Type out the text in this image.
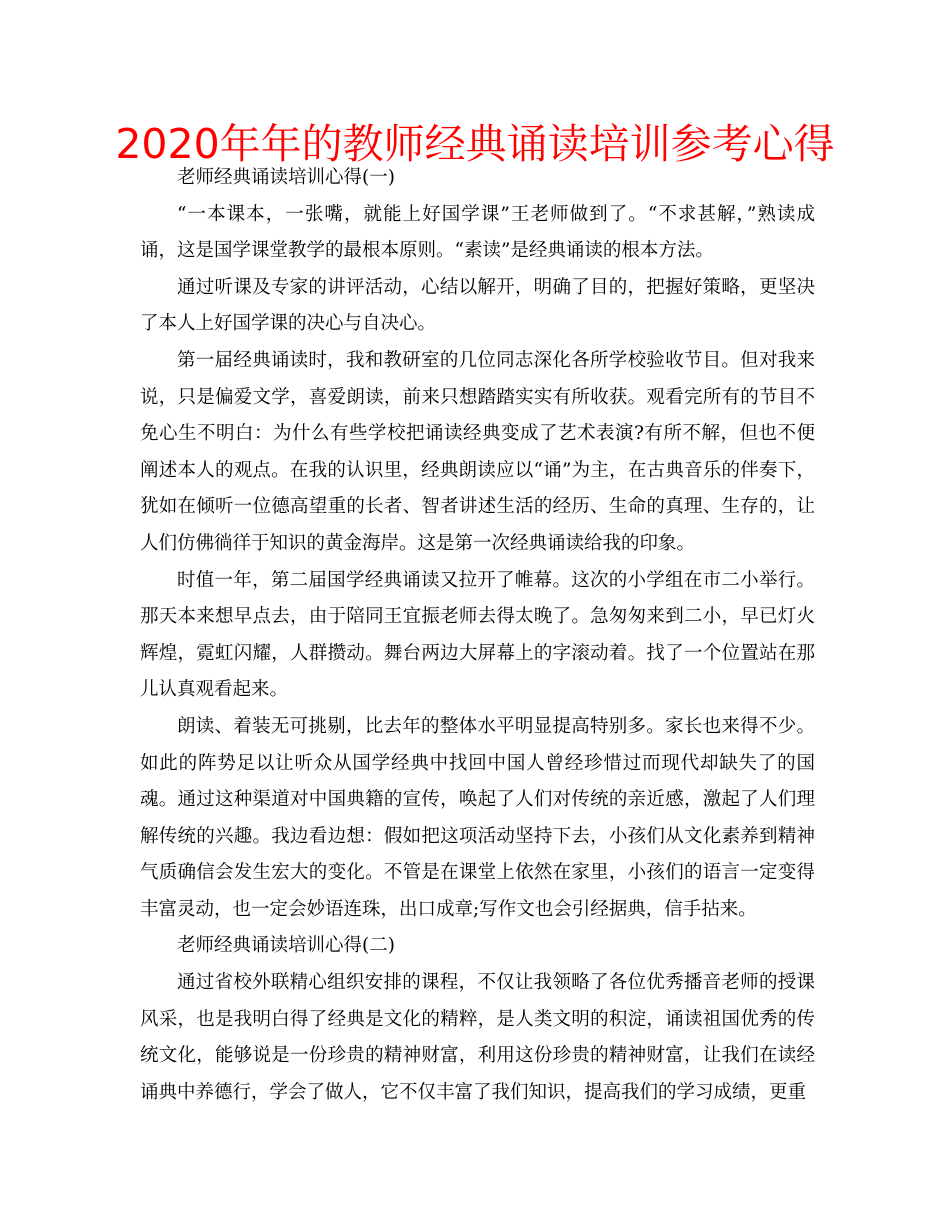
2020年年的教师经典诵读培训参考心得

老师经典诵读培训心得(一)

“一本课本，一张嘴，就能上好国学课”王老师做到了。“不求甚解，”熟读成诵，这是国学课堂教学的最根本原则。“素读”是经典诵读的根本方法。

通过听课及专家的讲评活动，心结以解开，明确了目的，把握好策略，更坚决了本人上好国学课的决心与自决心。

第一届经典诵读时，我和教研室的几位同志深化各所学校验收节目。但对我来说，只是偏爱文学，喜爱朗读，前来只想踏踏实实有所收获。观看完所有的节目不免心生不明白：为什么有些学校把诵读经典变成了艺术表演?有所不解，但也不便阐述本人的观点。在我的认识里，经典朗读应以“诵”为主，在古典音乐的伴奏下，犹如在倾听一位德高望重的长者、智者讲述生活的经历、生命的真理、生存的，让人们仿佛徜徉于知识的黄金海岸。这是第一次经典诵读给我的印象。

时值一年，第二届国学经典诵读又拉开了帷幕。这次的小学组在市二小举行。那天本来想早点去，由于陪同王宜振老师去得太晚了。急匆匆来到二小，早已灯火辉煌，霓虹闪耀，人群攒动。舞台两边大屏幕上的字滚动着。找了一个位置站在那儿认真观看起来。

朗读、着装无可挑剔，比去年的整体水平明显提高特别多。家长也来得不少。如此的阵势足以让听众从国学经典中找回中国人曾经珍惜过而现代却缺失了的国魂。通过这种渠道对中国典籍的宣传，唤起了人们对传统的亲近感，激起了人们理解传统的兴趣。我边看边想：假如把这项活动坚持下去，小孩们从文化素养到精神气质确信会发生宏大的变化。不管是在课堂上依然在家里，小孩们的语言一定变得丰富灵动，也一定会妙语连珠，出口成章;写作文也会引经据典，信手拈来。

老师经典诵读培训心得(二)

通过省校外联精心组织安排的课程，不仅让我领略了各位优秀播音老师的授课风采，也是我明白得了经典是文化的精粹，是人类文明的积淀，诵读祖国优秀的传统文化，能够说是一份珍贵的精神财富，利用这份珍贵的精神财富，让我们在读经诵典中养德行，学会了做人，它不仅丰富了我们知识，提高我们的学习成绩，更重
